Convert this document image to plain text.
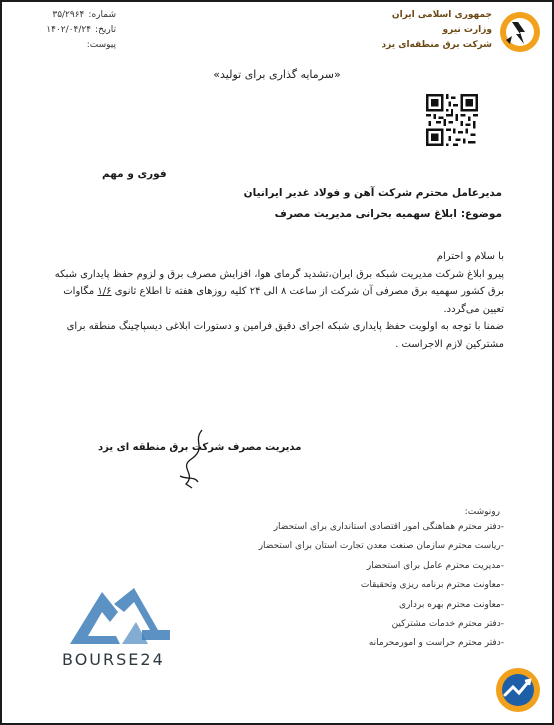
جمهوری اسلامی ایران
وزارت نیرو
شرکت برق منطقه‌ای یزد
شماره:۳۵/۲۹۶۴
تاریخ:۱۴۰۲/۰۴/۲۴
پیوست:
«سرمایه گذاری برای تولید»
فوری و مهم
مدیرعامل محترم شرکت آهن و فولاد غدیر ایرانیان
موضوع:ابلاغ سهمیه بحرانی مدیریت مصرف

با سلام و احترام

پیرو ابلاغ شرکت مدیریت شبکه برق ایران،تشدید گرمای هوا، افزایش مصرف برق و لزوم حفظ پایداری شبکه

برق کشور سهمیه برق مصرفی آن شرکت از ساعت ۸ الی ۲۴ کلیه روزهای هفته تا اطلاع ثانوی ۱/۶ مگاوات

تعیین می‌گردد.

ضمنا با توجه به اولویت حفظ پایداری شبکه اجرای دقیق فرامین و دستورات ابلاغی دیسپاچینگ منطقه برای

مشترکین لازم الاجراست .

مدیریت مصرف شرکت برق منطقه ای یزد
رونوشت:
-دفتر محترم هماهنگی امور اقتصادی استانداری برای استحضار
-ریاست محترم سازمان صنعت معدن تجارت استان برای استحضار
-مدیریت محترم عامل برای استحضار
-معاونت محترم برنامه ریزی وتحقیقات
-معاونت محترم بهره برداری
-دفتر محترم خدمات مشترکین
-دفتر محترم حراست و امورمحرمانه
BOURSE24
